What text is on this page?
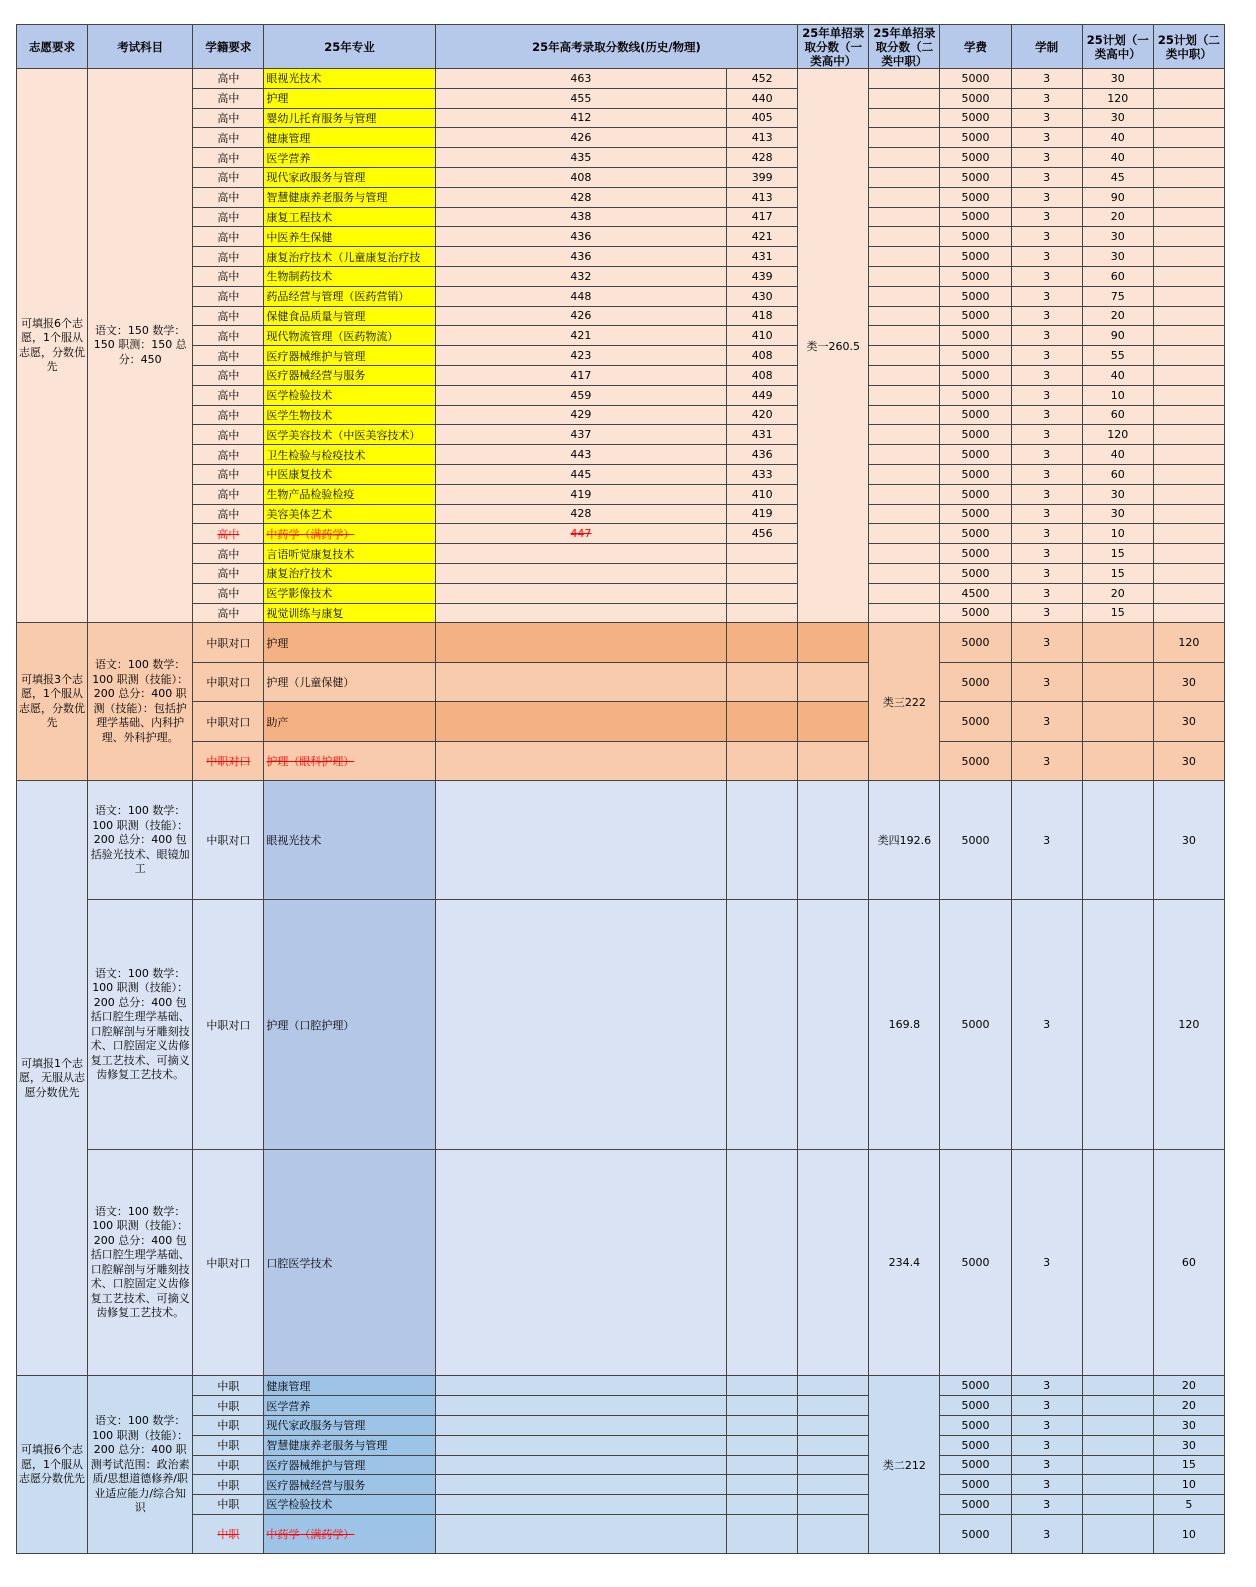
志愿要求	考试科目	学籍要求	25年专业	25年高考录取分数线(历史/物理)		25年单招录取分数（一类高中）	25年单招录取分数（二类中职）	学费	学制	25计划（一类高中）	25计划（二类中职）
可填报6个志愿，1个服从志愿，分数优先	语文：150 数学：150 职测：150 总分：450	高中	眼视光技术	463	452	类一260.5		5000	3	30	
		高中	护理	455	440			5000	3	120	
		高中	婴幼儿托育服务与管理	412	405			5000	3	30	
		高中	健康管理	426	413			5000	3	40	
		高中	医学营养	435	428			5000	3	40	
		高中	现代家政服务与管理	408	399			5000	3	45	
		高中	智慧健康养老服务与管理	428	413			5000	3	90	
		高中	康复工程技术	438	417			5000	3	20	
		高中	中医养生保健	436	421			5000	3	30	
		高中	康复治疗技术（儿童康复治疗技	436	431			5000	3	30	
		高中	生物制药技术	432	439			5000	3	60	
		高中	药品经营与管理（医药营销）	448	430			5000	3	75	
		高中	保健食品质量与管理	426	418			5000	3	20	
		高中	现代物流管理（医药物流）	421	410			5000	3	90	
		高中	医疗器械维护与管理	423	408			5000	3	55	
		高中	医疗器械经营与服务	417	408			5000	3	40	
		高中	医学检验技术	459	449			5000	3	10	
		高中	医学生物技术	429	420			5000	3	60	
		高中	医学美容技术（中医美容技术）	437	431			5000	3	120	
		高中	卫生检验与检疫技术	443	436			5000	3	40	
		高中	中医康复技术	445	433			5000	3	60	
		高中	生物产品检验检疫	419	410			5000	3	30	
		高中	美容美体艺术	428	419			5000	3	30	
		高中	中药学（满药学）	447	456			5000	3	10	
		高中	言语听觉康复技术					5000	3	15	
		高中	康复治疗技术					5000	3	15	
		高中	医学影像技术					4500	3	20	
		高中	视觉训练与康复					5000	3	15	
可填报3个志愿，1个服从志愿，分数优先	语文：100 数学：100 职测（技能）：200 总分：400 职测（技能）：包括护理学基础、内科护理、外科护理。	中职对口	护理				类三222	5000	3		120
		中职对口	护理（儿童保健）					5000	3		30
		中职对口	助产					5000	3		30
		中职对口	护理（眼科护理）					5000	3		30
可填报1个志愿，无服从志愿分数优先	语文：100 数学：100 职测（技能）：200 总分：400 包括验光技术、眼镜加工	中职对口	眼视光技术				类四192.6	5000	3		30
	语文：100 数学：100 职测（技能）：200 总分：400 包括口腔生理学基础、口腔解剖与牙雕刻技术、口腔固定义齿修复工艺技术、可摘义齿修复工艺技术。	中职对口	护理（口腔护理）				169.8	5000	3		120
	语文：100 数学：100 职测（技能）：200 总分：400 包括口腔生理学基础、口腔解剖与牙雕刻技术、口腔固定义齿修复工艺技术、可摘义齿修复工艺技术。	中职对口	口腔医学技术				234.4	5000	3		60
可填报6个志愿，1个服从志愿分数优先	语文：100 数学：100 职测（技能）：200 总分：400 职测考试范围：政治素质/思想道德修养/职业适应能力/综合知识	中职	健康管理				类二212	5000	3		20
		中职	医学营养					5000	3		20
		中职	现代家政服务与管理					5000	3		30
		中职	智慧健康养老服务与管理					5000	3		30
		中职	医疗器械维护与管理					5000	3		15
		中职	医疗器械经营与服务					5000	3		10
		中职	医学检验技术					5000	3		5
		中职	中药学（满药学）					5000	3		10
